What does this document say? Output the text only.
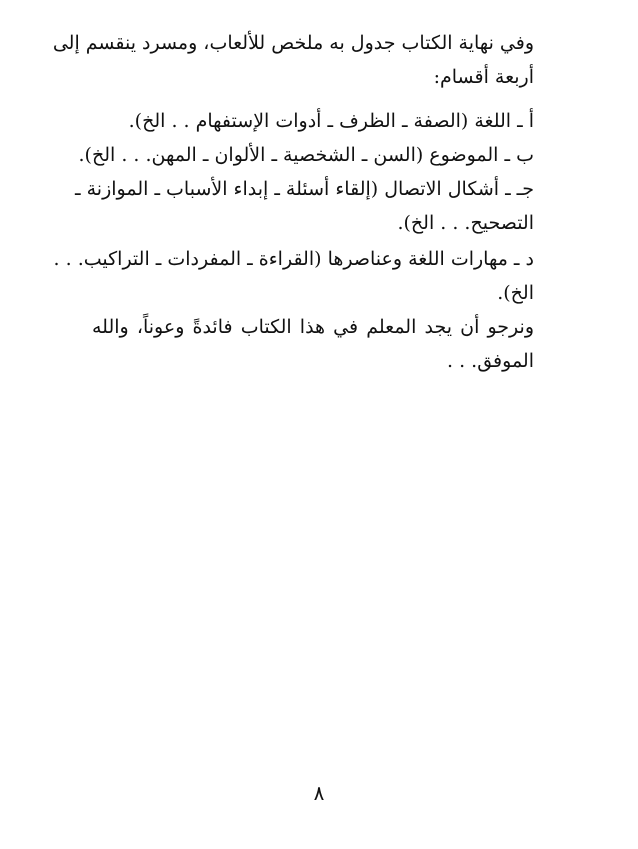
وفي نهاية الكتاب جدول به ملخص للألعاب، ومسرد ينقسم إلى
أربعة أقسام:
أ ـ اللغة (الصفة ـ الظرف ـ أدوات الإستفهام . . الخ).
ب ـ الموضوع (السن ـ الشخصية ـ الألوان ـ المهن. . . الخ).
جـ ـ أشكال الاتصال (إلقاء أسئلة ـ إبداء الأسباب ـ الموازنة ـ
التصحيح. . . الخ).
د ـ مهارات اللغة وعناصرها (القراءة ـ المفردات ـ التراكيب. . .
الخ).
ونرجو أن يجد المعلم في هذا الكتاب فائدةً وعوناً، والله
الموفق. . .
٨
